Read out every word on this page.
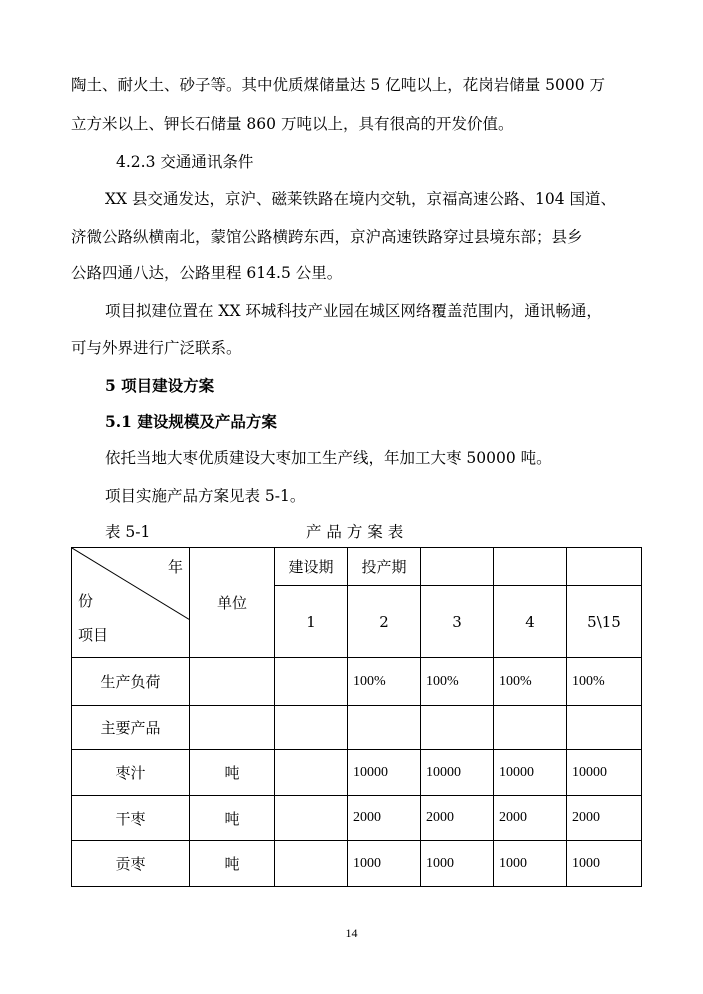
陶土、耐火土、砂子等。其中优质煤储量达 5 亿吨以上，花岗岩储量 5000 万
立方米以上、钾长石储量 860 万吨以上，具有很高的开发价值。
4.2.3 交通通讯条件
XX 县交通发达，京沪、磁莱铁路在境内交轨，京福高速公路、104 国道、
济微公路纵横南北，蒙馆公路横跨东西，京沪高速铁路穿过县境东部；县乡
公路四通八达，公路里程 614.5 公里。
项目拟建位置在 XX 环城科技产业园在城区网络覆盖范围内，通讯畅通，
可与外界进行广泛联系。
5 项目建设方案
5.1 建设规模及产品方案
依托当地大枣优质建设大枣加工生产线，年加工大枣 50000 吨。
项目实施产品方案见表 5-1。
表 5-1	产 品 方 案 表
年
份
项目	单位	建设期	投产期			
		1	2	3	4	5\15
生产负荷			100%	100%	100%	100%
主要产品						
枣汁	吨		10000	10000	10000	10000
干枣	吨		2000	2000	2000	2000
贡枣	吨		1000	1000	1000	1000
14
